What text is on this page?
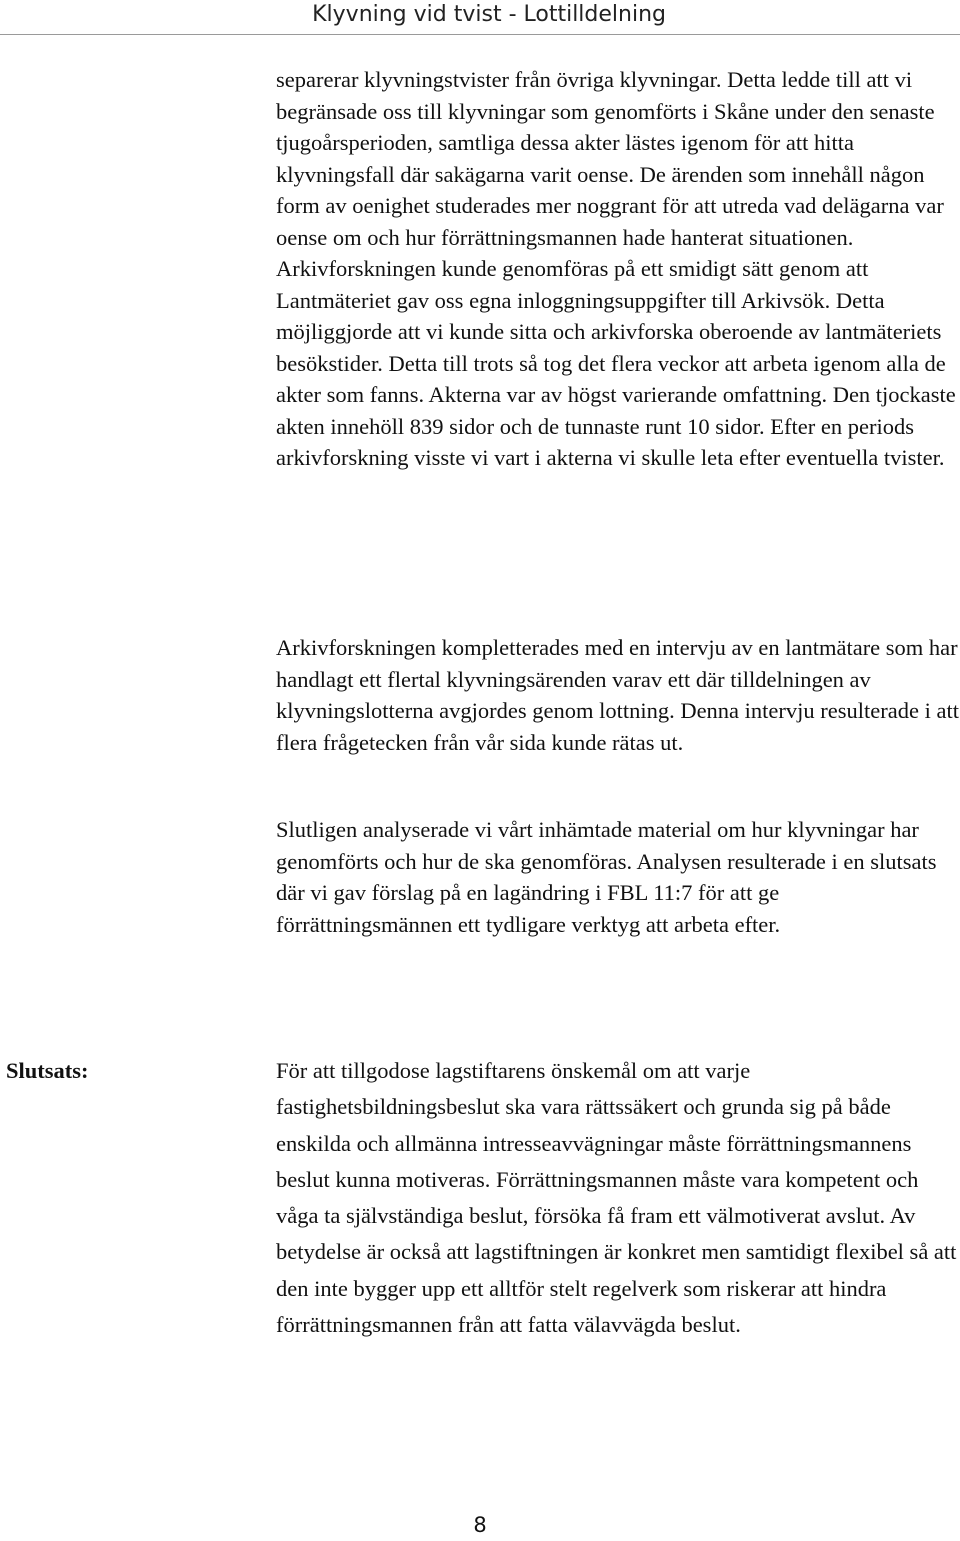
Klyvning vid tvist - Lottilldelning

separerar klyvningstvister från övriga klyvningar. Detta ledde till att vi begränsade oss till klyvningar som genomförts i Skåne under den senaste tjugoårsperioden, samtliga dessa akter lästes igenom för att hitta klyvningsfall där sakägarna varit oense. De ärenden som innehåll någon form av oenighet studerades mer noggrant för att utreda vad delägarna var oense om och hur förrättningsmannen hade hanterat situationen. Arkivforskningen kunde genomföras på ett smidigt sätt genom att Lantmäteriet gav oss egna inloggningsuppgifter till Arkivsök. Detta möjliggjorde att vi kunde sitta och arkivforska oberoende av lantmäteriets besökstider. Detta till trots så tog det flera veckor att arbeta igenom alla de akter som fanns. Akterna var av högst varierande omfattning. Den tjockaste akten innehöll 839 sidor och de tunnaste runt 10 sidor. Efter en periods arkivforskning visste vi vart i akterna vi skulle leta efter eventuella tvister.

Arkivforskningen kompletterades med en intervju av en lantmätare som har handlagt ett flertal klyvningsärenden varav ett där tilldelningen av klyvningslotterna avgjordes genom lottning. Denna intervju resulterade i att flera frågetecken från vår sida kunde rätas ut.

Slutligen analyserade vi vårt inhämtade material om hur klyvningar har genomförts och hur de ska genomföras. Analysen resulterade i en slutsats där vi gav förslag på en lagändring i FBL 11:7 för att ge förrättningsmännen ett tydligare verktyg att arbeta efter.

Slutsats:	För att tillgodose lagstiftarens önskemål om att varje fastighetsbildningsbeslut ska vara rättssäkert och grunda sig på både enskilda och allmänna intresseavvägningar måste förrättningsmannens beslut kunna motiveras. Förrättningsmannen måste vara kompetent och våga ta självständiga beslut, försöka få fram ett välmotiverat avslut. Av betydelse är också att lagstiftningen är konkret men samtidigt flexibel så att den inte bygger upp ett alltför stelt regelverk som riskerar att hindra förrättningsmannen från att fatta välavvägda beslut.

8
